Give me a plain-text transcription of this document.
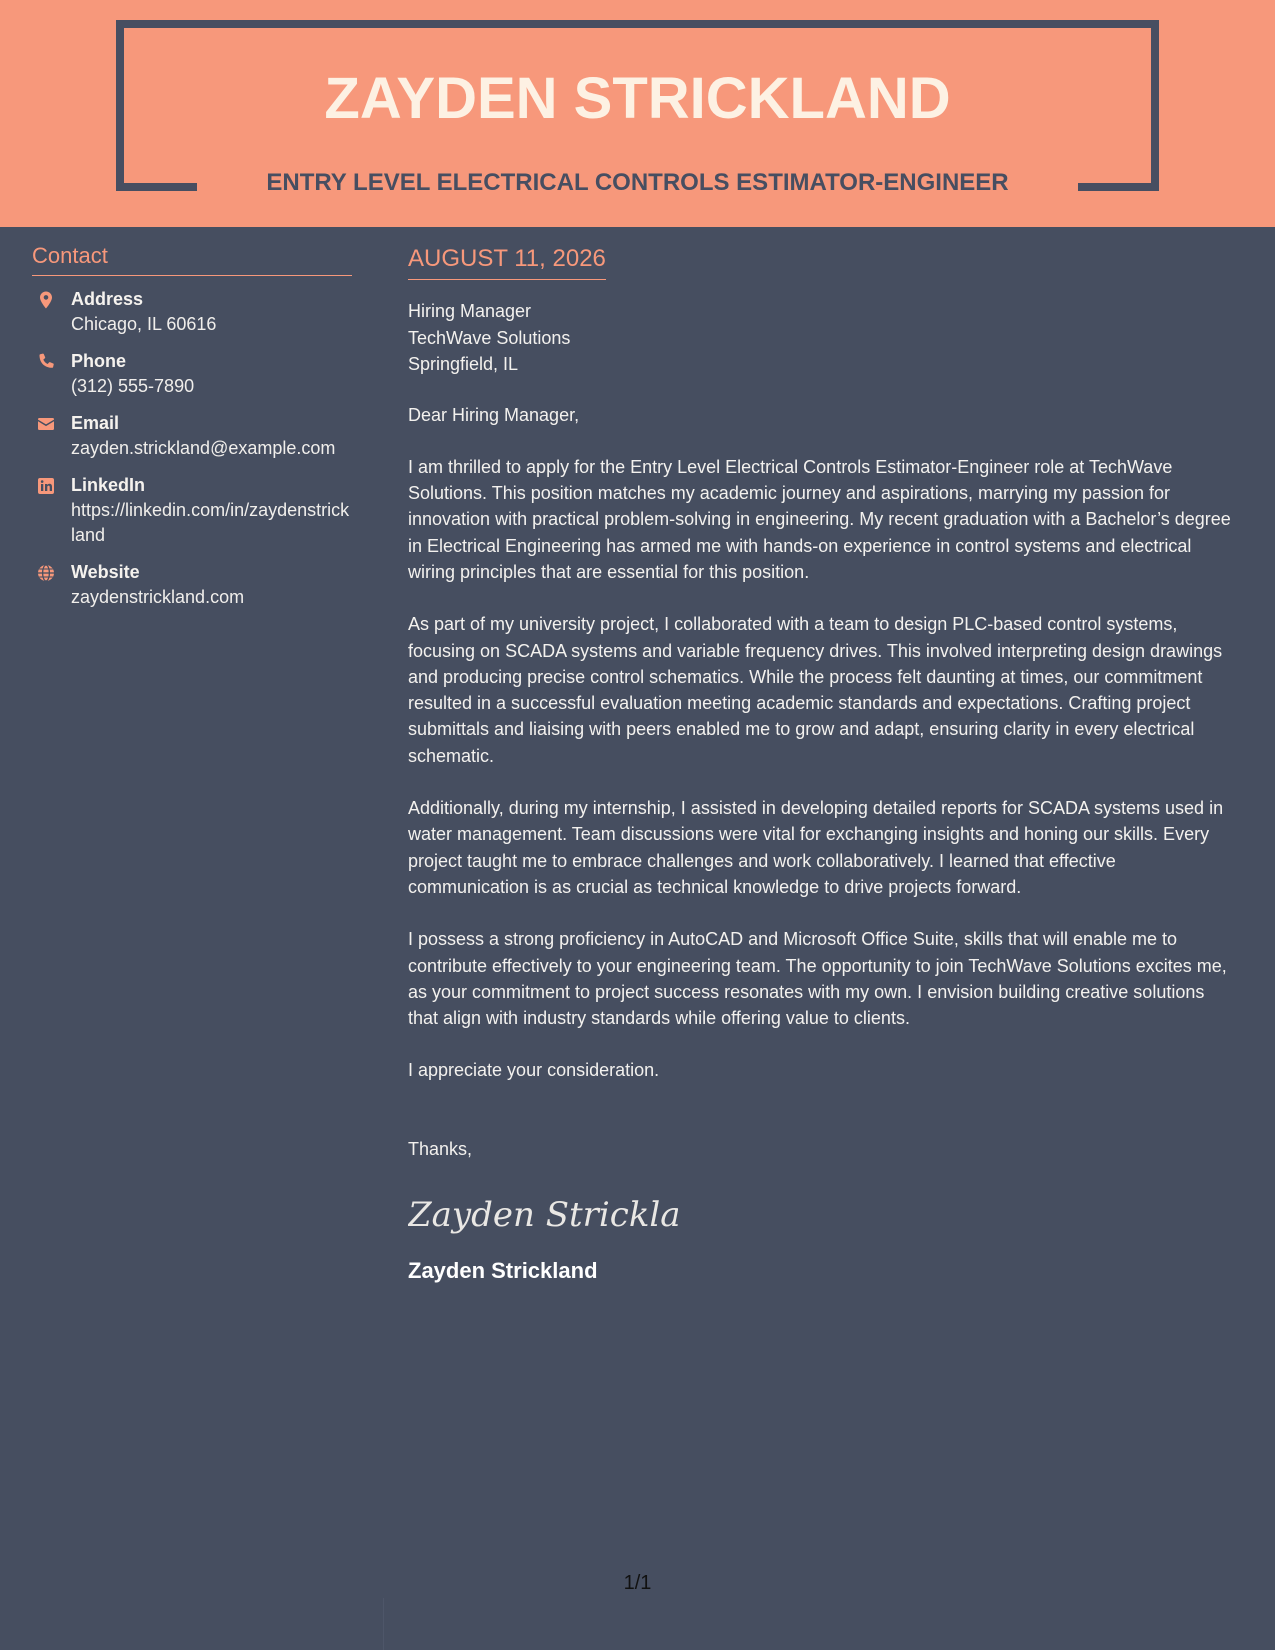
ZAYDEN STRICKLAND
ENTRY LEVEL ELECTRICAL CONTROLS ESTIMATOR-ENGINEER
Contact
Address
Chicago, IL 60616
Phone
(312) 555-7890
Email
zayden.strickland@example.com
LinkedIn
https://linkedin.com/in/zaydenstrickland
Website
zaydenstrickland.com
AUGUST 11, 2026
Hiring Manager
TechWave Solutions
Springfield, IL

Dear Hiring Manager,

I am thrilled to apply for the Entry Level Electrical Controls Estimator-Engineer role at TechWave Solutions. This position matches my academic journey and aspirations, marrying my passion for innovation with practical problem-solving in engineering. My recent graduation with a Bachelor’s degree in Electrical Engineering has armed me with hands-on experience in control systems and electrical wiring principles that are essential for this position.

As part of my university project, I collaborated with a team to design PLC-based control systems, focusing on SCADA systems and variable frequency drives. This involved interpreting design drawings and producing precise control schematics. While the process felt daunting at times, our commitment resulted in a successful evaluation meeting academic standards and expectations. Crafting project submittals and liaising with peers enabled me to grow and adapt, ensuring clarity in every electrical schematic.

Additionally, during my internship, I assisted in developing detailed reports for SCADA systems used in water management. Team discussions were vital for exchanging insights and honing our skills. Every project taught me to embrace challenges and work collaboratively. I learned that effective communication is as crucial as technical knowledge to drive projects forward.

I possess a strong proficiency in AutoCAD and Microsoft Office Suite, skills that will enable me to contribute effectively to your engineering team. The opportunity to join TechWave Solutions excites me, as your commitment to project success resonates with my own. I envision building creative solutions that align with industry standards while offering value to clients.

I appreciate your consideration.

Thanks,

Zayden Stricklan
Zayden Strickland
1/1
